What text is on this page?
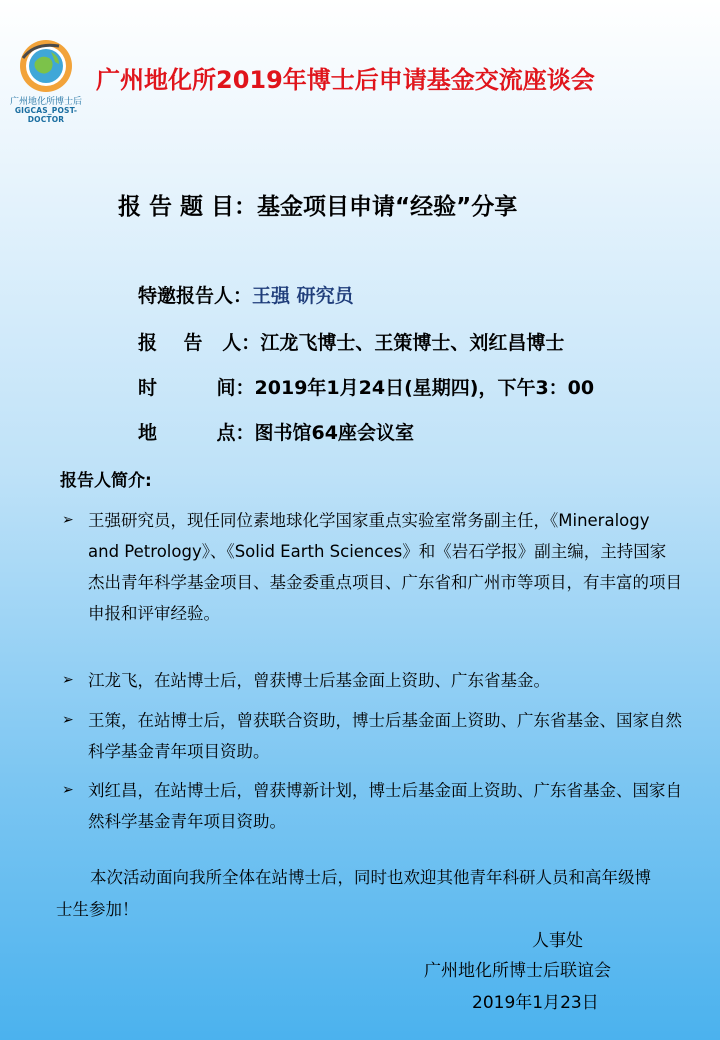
广州地化所博士后
GIGCAS_POST-DOCTOR
广州地化所2019年博士后申请基金交流座谈会
报 告 题 目：基金项目申请“经验”分享
特邀报告人：王强 研究员
报    告   人：江龙飞博士、王策博士、刘红昌博士
时         间：2019年1月24日(星期四)，下午3：00
地         点：图书馆64座会议室
报告人简介:
➢ 王强研究员，现任同位素地球化学国家重点实验室常务副主任，《Mineralogy and Petrology》、《Solid Earth Sciences》和《岩石学报》副主编，主持国家杰出青年科学基金项目、基金委重点项目、广东省和广州市等项目，有丰富的项目申报和评审经验。
➢ 江龙飞，在站博士后，曾获博士后基金面上资助、广东省基金。
➢ 王策，在站博士后，曾获联合资助，博士后基金面上资助、广东省基金、国家自然科学基金青年项目资助。
➢ 刘红昌，在站博士后，曾获博新计划，博士后基金面上资助、广东省基金、国家自然科学基金青年项目资助。
本次活动面向我所全体在站博士后，同时也欢迎其他青年科研人员和高年级博士生参加！
人事处
广州地化所博士后联谊会
2019年1月23日
